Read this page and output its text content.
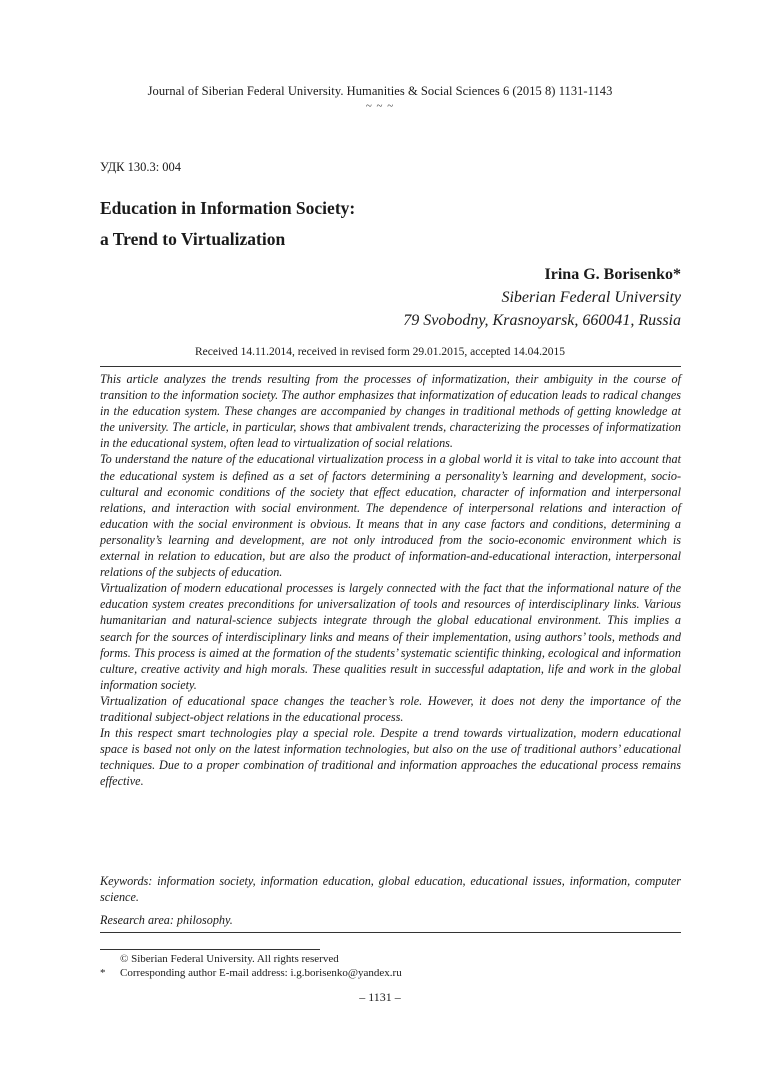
Journal of Siberian Federal University. Humanities & Social Sciences 6 (2015 8) 1131-1143
~ ~ ~
УДК 130.3: 004
Education in Information Society:
a Trend to Virtualization
Irina G. Borisenko*
Siberian Federal University
79 Svobodny, Krasnoyarsk, 660041, Russia
Received 14.11.2014, received in revised form 29.01.2015, accepted 14.04.2015

This article analyzes the trends resulting from the processes of informatization, their ambiguity in the course of transition to the information society. The author emphasizes that informatization of education leads to radical changes in the education system. These changes are accompanied by changes in traditional methods of getting knowledge at the university. The article, in particular, shows that ambivalent trends, characterizing the processes of informatization in the educational system, often lead to virtualization of social relations.

To understand the nature of the educational virtualization process in a global world it is vital to take into account that the educational system is defined as a set of factors determining a personality’s learning and development, socio-cultural and economic conditions of the society that effect education, character of information and interpersonal relations, and interaction with social environment. The dependence of interpersonal relations and interaction of education with the social environment is obvious. It means that in any case factors and conditions, determining a personality’s learning and development, are not only introduced from the socio-economic environment which is external in relation to education, but are also the product of information-and-educational interaction, interpersonal relations of the subjects of education.

Virtualization of modern educational processes is largely connected with the fact that the informational nature of the education system creates preconditions for universalization of tools and resources of interdisciplinary links. Various humanitarian and natural-science subjects integrate through the global educational environment. This implies a search for the sources of interdisciplinary links and means of their implementation, using authors’ tools, methods and forms. This process is aimed at the formation of the students’ systematic scientific thinking, ecological and information culture, creative activity and high morals. These qualities result in successful adaptation, life and work in the global information society.

Virtualization of educational space changes the teacher’s role. However, it does not deny the importance of the traditional subject-object relations in the educational process.

In this respect smart technologies play a special role. Despite a trend towards virtualization, modern educational space is based not only on the latest information technologies, but also on the use of traditional authors’ educational techniques. Due to a proper combination of traditional and information approaches the educational process remains effective.

Keywords: information society, information education, global education, educational issues, information, computer science.

Research area: philosophy.

© Siberian Federal University. All rights reserved
* Corresponding author E-mail address: i.g.borisenko@yandex.ru
– 1131 –
